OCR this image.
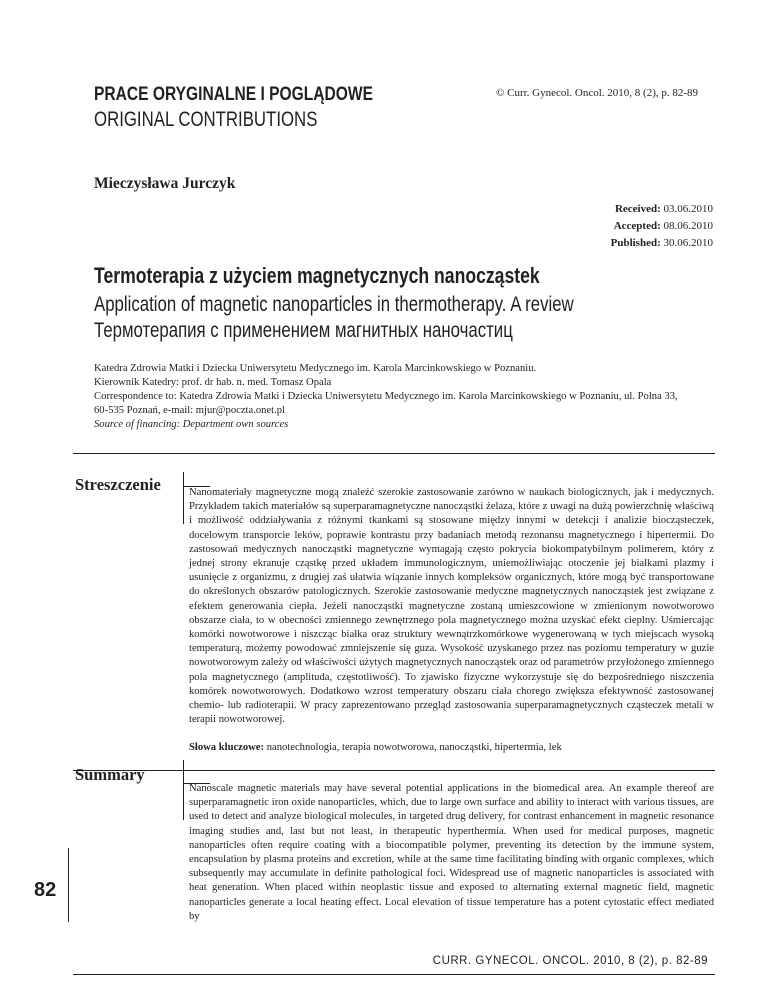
PRACE ORYGINALNE I POGLĄDOWE
ORIGINAL CONTRIBUTIONS
© Curr. Gynecol. Oncol. 2010, 8 (2), p. 82-89
Mieczysława Jurczyk
Received: 03.06.2010
Accepted: 08.06.2010
Published: 30.06.2010
Termoterapia z użyciem magnetycznych nanocząstek
Application of magnetic nanoparticles in thermotherapy. A review
Термотерапия с применением магнитных наночастиц
Katedra Zdrowia Matki i Dziecka Uniwersytetu Medycznego im. Karola Marcinkowskiego w Poznaniu.
Kierownik Katedry: prof. dr hab. n. med. Tomasz Opala
Correspondence to: Katedra Zdrowia Matki i Dziecka Uniwersytetu Medycznego im. Karola Marcinkowskiego w Poznaniu, ul. Polna 33,
60-535 Poznań, e-mail: mjur@poczta.onet.pl
Source of financing: Department own sources
Streszczenie	Nanomateriały magnetyczne mogą znaleźć szerokie zastosowanie zarówno w naukach biologicznych, jak i medycznych. Przykładem takich materiałów są superparamagnetyczne nanocząstki żelaza, które z uwagi na dużą powierzchnię właściwą i możliwość oddziaływania z różnymi tkankami są stosowane między innymi w detekcji i analizie biocząsteczek, docelowym transporcie leków, poprawie kontrastu przy badaniach metodą rezonansu magnetycznego i hipertermii. Do zastosowań medycznych nanocząstki magnetyczne wymagają często pokrycia biokompatybilnym polimerem, który z jednej strony ekranuje cząstkę przed układem immunologicznym, uniemożliwiając otoczenie jej białkami plazmy i usunięcie z organizmu, z drugiej zaś ułatwia wiązanie innych kompleksów organicznych, które mogą być transportowane do określonych obszarów patologicznych. Szerokie zastosowanie medyczne magnetycznych nanocząstek jest związane z efektem generowania ciepła. Jeżeli nanocząstki magnetyczne zostaną umieszcowione w zmienionym nowotworowo obszarze ciała, to w obecności zmiennego zewnętrznego pola magnetycznego można uzyskać efekt cieplny. Uśmiercając komórki nowotworowe i niszcząc białka oraz struktury wewnątrzkomórkowe wygenerowaną w tych miejscach wysoką temperaturą, możemy powodować zmniejszenie się guza. Wysokość uzyskanego przez nas poziomu temperatury w guzie nowotworowym zależy od właściwości użytych magnetycznych nanocząstek oraz od parametrów przyłożonego zmiennego pola magnetycznego (amplituda, częstotliwość). To zjawisko fizyczne wykorzystuje się do bezpośredniego niszczenia komórek nowotworowych. Dodatkowo wzrost temperatury obszaru ciała chorego zwiększa efektywność zastosowanej chemio- lub radioterapii. W pracy zaprezentowano przegląd zastosowania superparamagnetycznych cząsteczek metali w terapii nowotworowej.
Słowa kluczowe: nanotechnologia, terapia nowotworowa, nanocząstki, hipertermia, lek
Summary
Nanoscale magnetic materials may have several potential applications in the biomedical area. An example thereof are superparamagnetic iron oxide nanoparticles, which, due to large own surface and ability to interact with various tissues, are used to detect and analyze biological molecules, in targeted drug delivery, for contrast enhancement in magnetic resonance imaging studies and, last but not least, in therapeutic hyperthermia. When used for medical purposes, magnetic nanoparticles often require coating with a biocompatible polymer, preventing its detection by the immune system, encapsulation by plasma proteins and excretion, while at the same time facilitating binding with organic complexes, which subsequently may accumulate in definite pathological foci. Widespread use of magnetic nanoparticles is associated with heat generation. When placed within neoplastic tissue and exposed to alternating external magnetic field, magnetic nanoparticles generate a local heating effect. Local elevation of tissue temperature has a potent cytostatic effect mediated by
82
CURR. GYNECOL. ONCOL. 2010, 8 (2), p. 82-89
